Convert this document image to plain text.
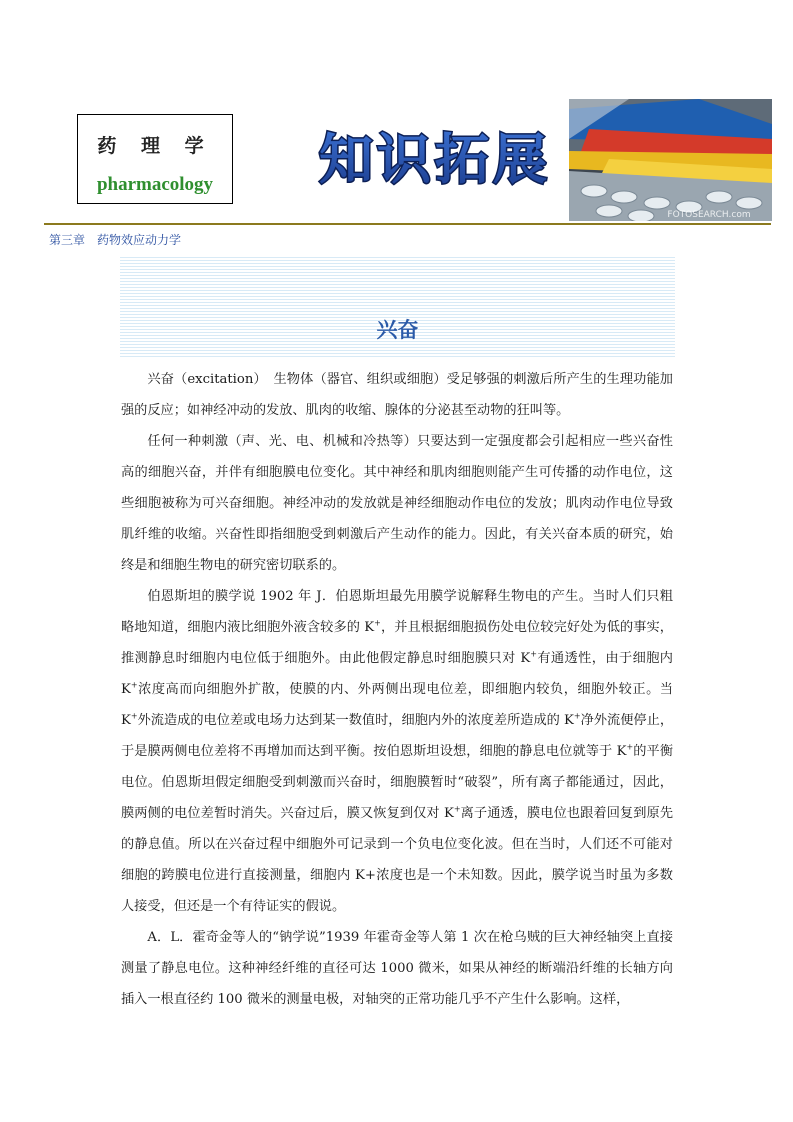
药 理 学
pharmacology	知识拓展
FOTOSEARCH.com
第三章　药物效应动力学
兴奋

兴奋（excitation）　生物体（器官、组织或细胞）受足够强的刺激后所产生的生理功能加强的反应；如神经冲动的发放、肌肉的收缩、腺体的分泌甚至动物的狂叫等。

任何一种刺激（声、光、电、机械和冷热等）只要达到一定强度都会引起相应一些兴奋性高的细胞兴奋，并伴有细胞膜电位变化。其中神经和肌肉细胞则能产生可传播的动作电位，这些细胞被称为可兴奋细胞。神经冲动的发放就是神经细胞动作电位的发放；肌肉动作电位导致肌纤维的收缩。兴奋性即指细胞受到刺激后产生动作的能力。因此，有关兴奋本质的研究，始终是和细胞生物电的研究密切联系的。

伯恩斯坦的膜学说 1902 年 J．伯恩斯坦最先用膜学说解释生物电的产生。当时人们只粗略地知道，细胞内液比细胞外液含较多的 K+，并且根据细胞损伤处电位较完好处为低的事实，推测静息时细胞内电位低于细胞外。由此他假定静息时细胞膜只对 K+有通透性，由于细胞内 K+浓度高而向细胞外扩散，使膜的内、外两侧出现电位差，即细胞内较负，细胞外较正。当 K+外流造成的电位差或电场力达到某一数值时，细胞内外的浓度差所造成的 K+净外流便停止，于是膜两侧电位差将不再增加而达到平衡。按伯恩斯坦设想，细胞的静息电位就等于 K+的平衡电位。伯恩斯坦假定细胞受到刺激而兴奋时，细胞膜暂时“破裂”，所有离子都能通过，因此，膜两侧的电位差暂时消失。兴奋过后，膜又恢复到仅对 K+离子通透，膜电位也跟着回复到原先的静息值。所以在兴奋过程中细胞外可记录到一个负电位变化波。但在当时，人们还不可能对细胞的跨膜电位进行直接测量，细胞内 K+浓度也是一个未知数。因此，膜学说当时虽为多数人接受，但还是一个有待证实的假说。

A．L．霍奇金等人的“钠学说”1939 年霍奇金等人第 1 次在枪乌贼的巨大神经轴突上直接测量了静息电位。这种神经纤维的直径可达 1000 微米，如果从神经的断端沿纤维的长轴方向插入一根直径约 100 微米的测量电极，对轴突的正常功能几乎不产生什么影响。这样，
